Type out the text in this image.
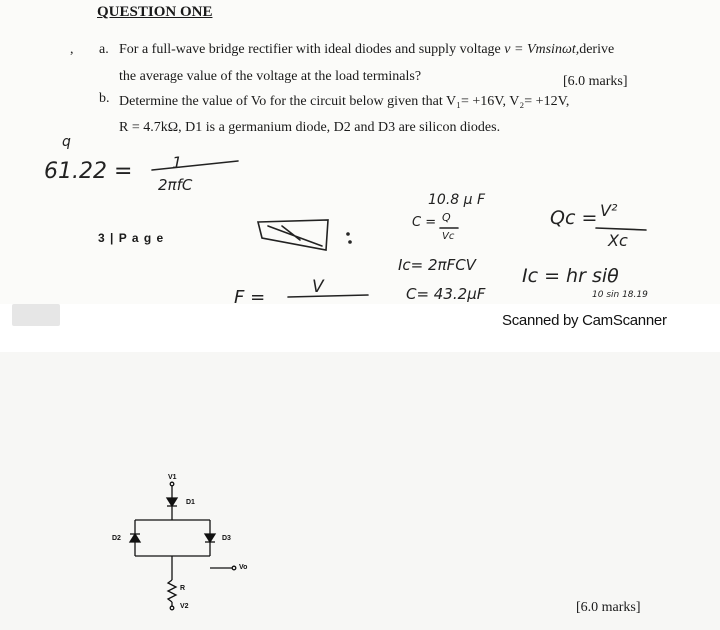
QUESTION ONE
, a. For a full-wave bridge rectifier with ideal diodes and supply voltage v = Vmsinωt,derive
the average value of the voltage at the load terminals?	[6.0 marks]
b. Determine the value of Vo for the circuit below given that V₁= +16V, V₂= +12V,
R = 4.7kΩ, D1 is a germanium diode, D2 and D3 are silicon diodes.
3 | P a g e
q
61.22 = 1
2πfC
10.8 μ F
C = Q
Vc
Qc = V²
Xc
Ic= 2πFCV
C= 43.2μF
Ic = hr siθ
10 sin 18.19
F =	V
Scanned by CamScanner
V1
D1
D2	D3
Vo
R
V2	[6.0 marks]
